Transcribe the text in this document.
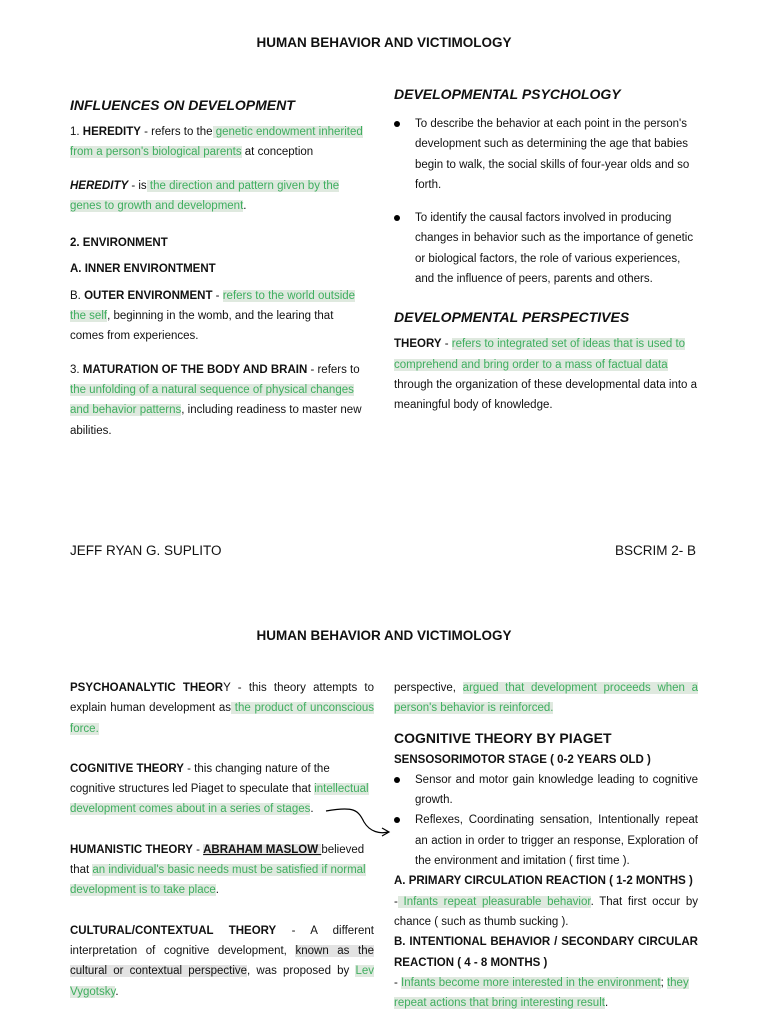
HUMAN BEHAVIOR AND VICTIMOLOGY
INFLUENCES ON DEVELOPMENT
1. HEREDITY - refers to the genetic endowment inherited from a person's biological parents at conception
HEREDITY - is the direction and pattern given by the genes to growth and development.
2. ENVIRONMENT
A. INNER ENVIRONTMENT
B. OUTER ENVIRONMENT - refers to the world outside the self, beginning in the womb, and the learing that comes from experiences.
3. MATURATION OF THE BODY AND BRAIN - refers to the unfolding of a natural sequence of physical changes and behavior patterns, including readiness to master new abilities.
DEVELOPMENTAL PSYCHOLOGY
To describe the behavior at each point in the person's development such as determining the age that babies begin to walk, the social skills of four-year olds and so forth.
To identify the causal factors involved in producing changes in behavior such as the importance of genetic or biological factors, the role of various experiences, and the influence of peers, parents and others.
DEVELOPMENTAL PERSPECTIVES
THEORY - refers to integrated set of ideas that is used to comprehend and bring order to a mass of factual data through the organization of these developmental data into a meaningful body of knowledge.
JEFF RYAN G. SUPLITO	BSCRIM 2- B
HUMAN BEHAVIOR AND VICTIMOLOGY
PSYCHOANALYTIC THEORY - this theory attempts to explain human development as the product of unconscious force.
COGNITIVE THEORY - this changing nature of the cognitive structures led Piaget to speculate that intellectual development comes about in a series of stages.
HUMANISTIC THEORY - ABRAHAM MASLOW believed that an individual's basic needs must be satisfied if normal development is to take place.
CULTURAL/CONTEXTUAL THEORY - A different interpretation of cognitive development, known as the cultural or contextual perspective, was proposed by Lev Vygotsky.
perspective, argued that development proceeds when a person's behavior is reinforced.
COGNITIVE THEORY BY PIAGET
SENSOSORIMOTOR STAGE ( 0-2 YEARS OLD )
Sensor and motor gain knowledge leading to cognitive growth.
Reflexes, Coordinating sensation, Intentionally repeat an action in order to trigger an response, Exploration of the environment and imitation ( first time ).
A. PRIMARY CIRCULATION REACTION ( 1-2 MONTHS )
- Infants repeat pleasurable behavior. That first occur by chance ( such as thumb sucking ).
B. INTENTIONAL BEHAVIOR / SECONDARY CIRCULAR REACTION ( 4 - 8 MONTHS )
- Infants become more interested in the environment; they repeat actions that bring interesting result.
